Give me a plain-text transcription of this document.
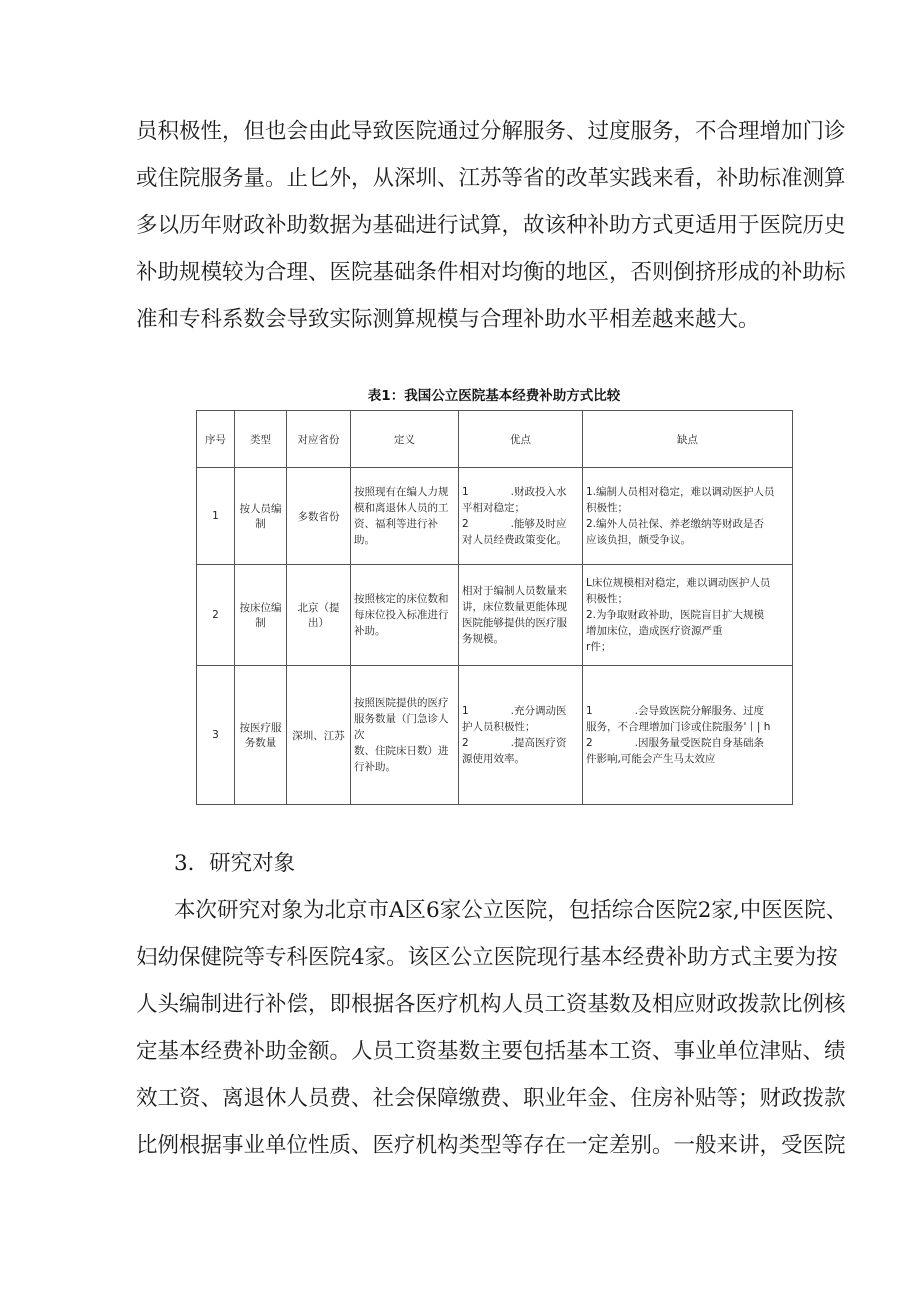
员积极性，但也会由此导致医院通过分解服务、过度服务，不合理增加门诊
或住院服务量。止匕外，从深圳、江苏等省的改革实践来看，补助标准测算
多以历年财政补助数据为基础进行试算，故该种补助方式更适用于医院历史
补助规模较为合理、医院基础条件相对均衡的地区，否则倒挤形成的补助标
准和专科系数会导致实际测算规模与合理补助水平相差越来越大。
表1：我国公立医院基本经费补助方式比较
序号	类型	对应省份	定义	优点	缺点
1	按人员编制	多数省份	按照现有在编人力规
模和离退休人员的工
资、福利等进行补
助。	1　　　　.财政投入水
平相对稳定；
2　　　　.能够及时应
对人员经费政策变化。	1.编制人员相对稳定，难以调动医护人员
积极性；
2.编外人员社保、养老缴纳等财政是否
应该负担，颇受争议。

2	按床位编制	北京（提出）	按照核定的床位数和
每床位投入标准进行
补助。	相对于编制人员数量来
讲，床位数量更能体现
医院能够提供的医疗服
务规模。	L床位规模相对稳定，难以调动医护人员
积极性；
2.为争取财政补助，医院盲目扩大规模
增加床位，造成医疗资源严重
r件；

3	按医疗服务数量	深圳、江苏	按照医院提供的医疗
服务数量（门急诊人
次
数、住院床日数）进
行补助。	1　　　　.充分调动医
护人员积极性；
2　　　　.提高医疗资
源使用效率。	1　　　　.会导致医院分解服务、过度
服务，不合理增加门诊或住院服务'丨| h
2　　　　.因服务量受医院自身基础条
件影响,可能会产生马太效应
3．研究对象
本次研究对象为北京市A区6家公立医院，包括综合医院2家,中医医院、
妇幼保健院等专科医院4家。该区公立医院现行基本经费补助方式主要为按
人头编制进行补偿，即根据各医疗机构人员工资基数及相应财政拨款比例核
定基本经费补助金额。人员工资基数主要包括基本工资、事业单位津贴、绩
效工资、离退休人员费、社会保障缴费、职业年金、住房补贴等；财政拨款
比例根据事业单位性质、医疗机构类型等存在一定差别。一般来讲，受医院
